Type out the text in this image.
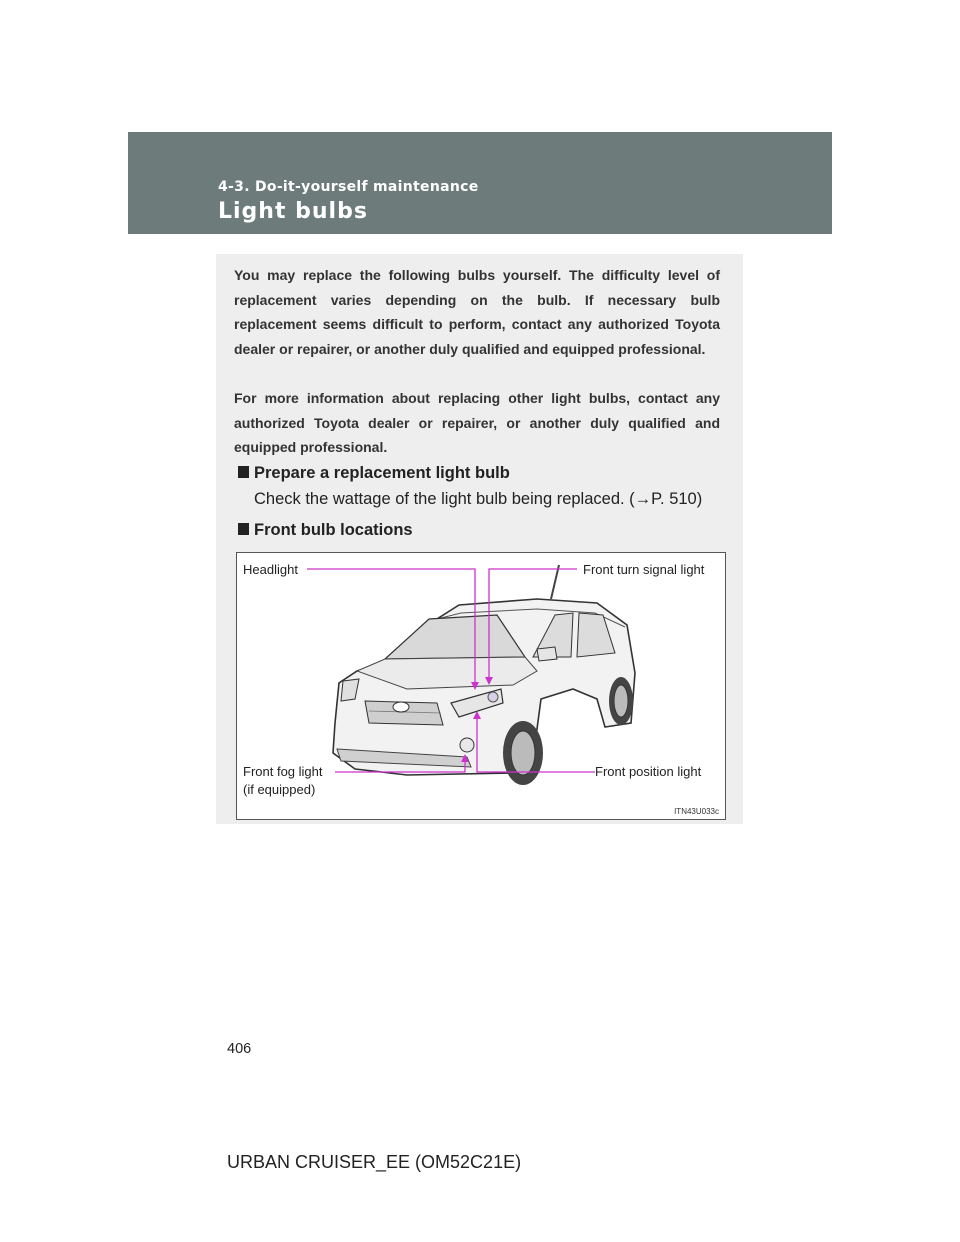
4-3. Do-it-yourself maintenance
Light bulbs

You may replace the following bulbs yourself. The difficulty level of replacement varies depending on the bulb. If necessary bulb replacement seems difficult to perform, contact any authorized Toyota dealer or repairer, or another duly qualified and equipped professional.

For more information about replacing other light bulbs, contact any authorized Toyota dealer or repairer, or another duly qualified and equipped professional.

Prepare a replacement light bulb
Check the wattage of the light bulb being replaced. (→P. 510)
Front bulb locations
Headlight	Front turn signal light
Front fog light
(if equipped)
Front position light
ITN43U033c
406
URBAN CRUISER_EE (OM52C21E)
